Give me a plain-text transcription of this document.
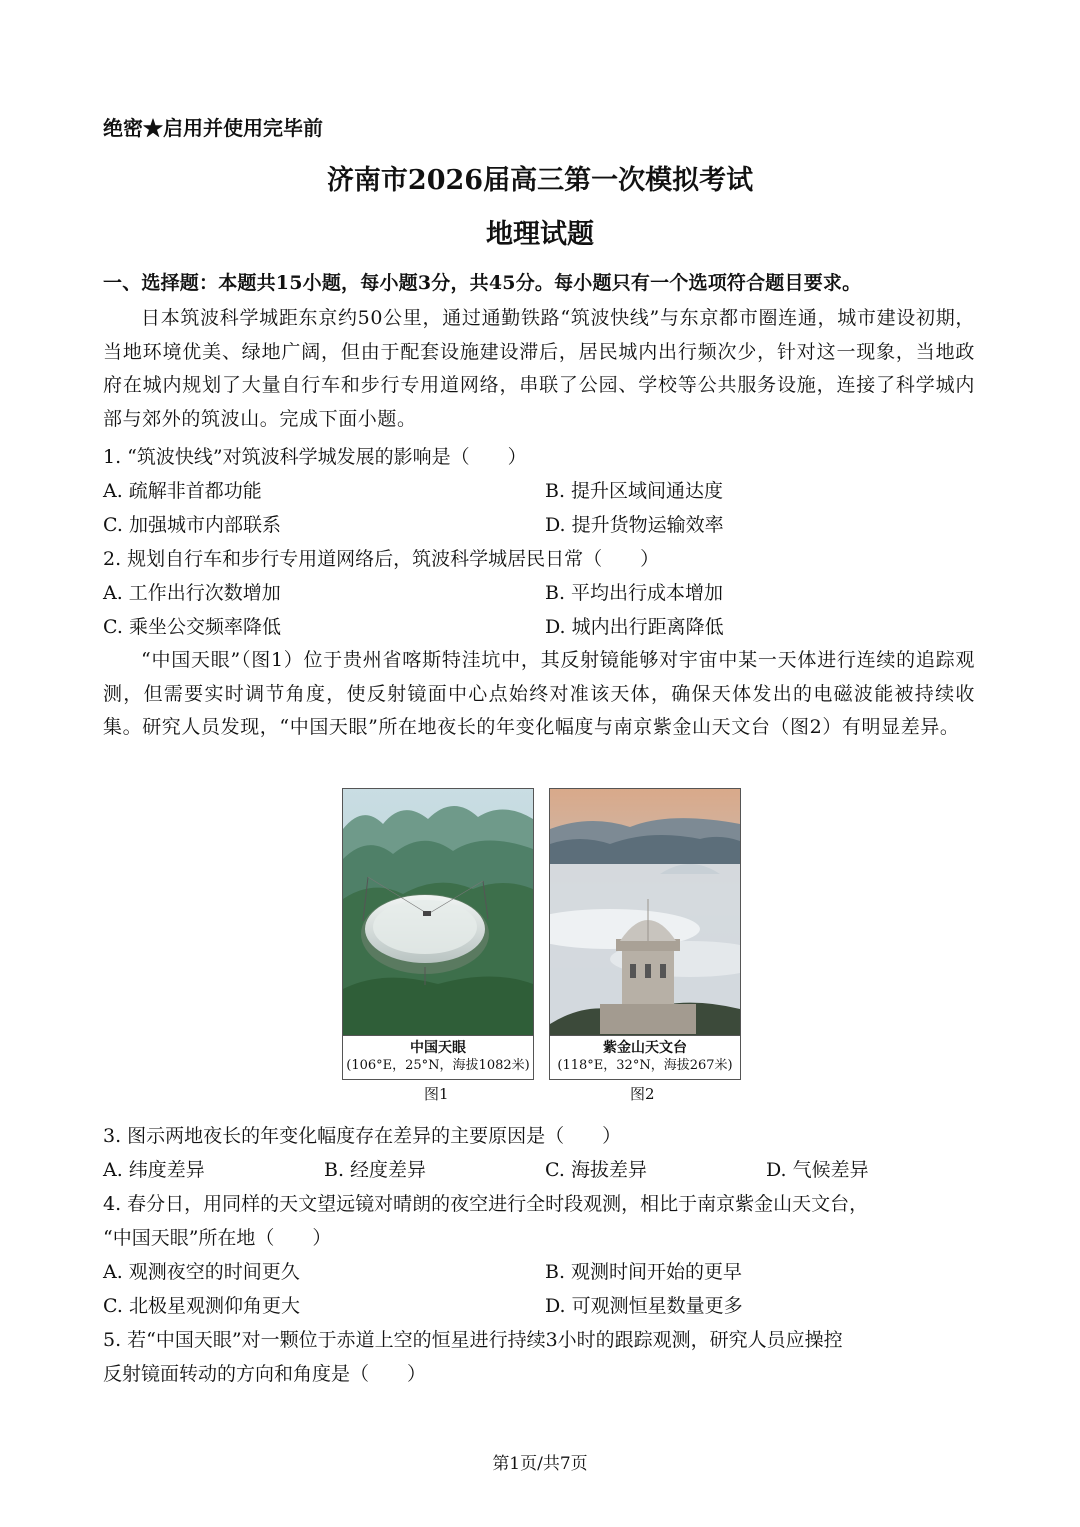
绝密★启用并使用完毕前
济南市2026届高三第一次模拟考试
地理试题
一、选择题：本题共15小题，每小题3分，共45分。每小题只有一个选项符合题目要求。
日本筑波科学城距东京约50公里，通过通勤铁路“筑波快线”与东京都市圈连通，城市建设初期，当地环境优美、绿地广阔，但由于配套设施建设滞后，居民城内出行频次少，针对这一现象，当地政府在城内规划了大量自行车和步行专用道网络，串联了公园、学校等公共服务设施，连接了科学城内部与郊外的筑波山。完成下面小题。
1. “筑波快线”对筑波科学城发展的影响是（　　）
A. 疏解非首都功能	B. 提升区域间通达度
C. 加强城市内部联系	D. 提升货物运输效率
2. 规划自行车和步行专用道网络后，筑波科学城居民日常（　　）
A. 工作出行次数增加	B. 平均出行成本增加
C. 乘坐公交频率降低	D. 城内出行距离降低
“中国天眼”（图1）位于贵州省喀斯特洼坑中，其反射镜能够对宇宙中某一天体进行连续的追踪观测，但需要实时调节角度，使反射镜面中心点始终对准该天体，确保天体发出的电磁波能被持续收集。研究人员发现，“中国天眼”所在地夜长的年变化幅度与南京紫金山天文台（图2）有明显差异。
中国天眼
(106°E，25°N，海拔1082米)
紫金山天文台
(118°E，32°N，海拔267米)
图1	图2
3. 图示两地夜长的年变化幅度存在差异的主要原因是（　　）
A. 纬度差异	B. 经度差异	C. 海拔差异	D. 气候差异
4. 春分日，用同样的天文望远镜对晴朗的夜空进行全时段观测，相比于南京紫金山天文台，
“中国天眼”所在地（　　）
A. 观测夜空的时间更久	B. 观测时间开始的更早
C. 北极星观测仰角更大	D. 可观测恒星数量更多
5. 若“中国天眼”对一颗位于赤道上空的恒星进行持续3小时的跟踪观测，研究人员应操控
反射镜面转动的方向和角度是（　　）
第1页/共7页
